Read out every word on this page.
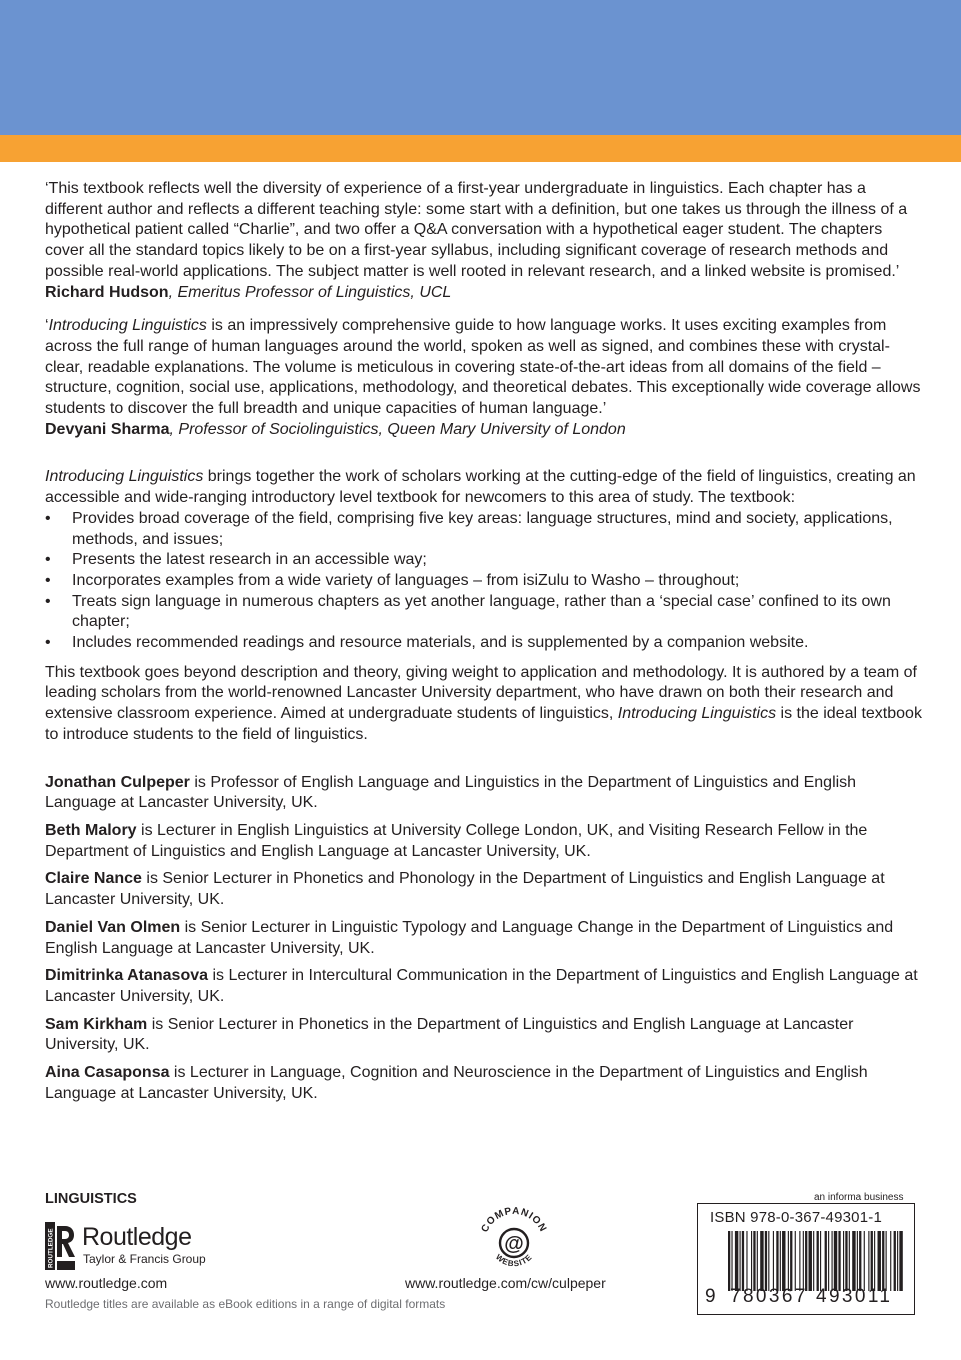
‘This textbook reflects well the diversity of experience of a first-year undergraduate in linguistics. Each chapter has a different author and reflects a different teaching style: some start with a definition, but one takes us through the illness of a hypothetical patient called “Charlie”, and two offer a Q&A conversation with a hypothetical eager student. The chapters cover all the standard topics likely to be on a first-year syllabus, including significant coverage of research methods and possible real-world applications. The subject matter is well rooted in relevant research, and a linked website is promised.’

Richard Hudson, Emeritus Professor of Linguistics, UCL

‘Introducing Linguistics is an impressively comprehensive guide to how language works. It uses exciting examples from across the full range of human languages around the world, spoken as well as signed, and combines these with crystal-clear, readable explanations. The volume is meticulous in covering state-of-the-art ideas from all domains of the field – structure, cognition, social use, applications, methodology, and theoretical debates. This exceptionally wide coverage allows students to discover the full breadth and unique capacities of human language.’

Devyani Sharma, Professor of Sociolinguistics, Queen Mary University of London

Introducing Linguistics brings together the work of scholars working at the cutting-edge of the field of linguistics, creating an accessible and wide-ranging introductory level textbook for newcomers to this area of study. The textbook:

• Provides broad coverage of the field, comprising five key areas: language structures, mind and society, applications, methods, and issues;
• Presents the latest research in an accessible way;
• Incorporates examples from a wide variety of languages – from isiZulu to Washo – throughout;
• Treats sign language in numerous chapters as yet another language, rather than a ‘special case’ confined to its own chapter;
• Includes recommended readings and resource materials, and is supplemented by a companion website.

This textbook goes beyond description and theory, giving weight to application and methodology. It is authored by a team of leading scholars from the world-renowned Lancaster University department, who have drawn on both their research and extensive classroom experience. Aimed at undergraduate students of linguistics, Introducing Linguistics is the ideal textbook to introduce students to the field of linguistics.

Jonathan Culpeper is Professor of English Language and Linguistics in the Department of Linguistics and English Language at Lancaster University, UK.

Beth Malory is Lecturer in English Linguistics at University College London, UK, and Visiting Research Fellow in the Department of Linguistics and English Language at Lancaster University, UK.

Claire Nance is Senior Lecturer in Phonetics and Phonology in the Department of Linguistics and English Language at Lancaster University, UK.

Daniel Van Olmen is Senior Lecturer in Linguistic Typology and Language Change in the Department of Linguistics and English Language at Lancaster University, UK.

Dimitrinka Atanasova is Lecturer in Intercultural Communication in the Department of Linguistics and English Language at Lancaster University, UK.

Sam Kirkham is Senior Lecturer in Phonetics in the Department of Linguistics and English Language at Lancaster University, UK.

Aina Casaponsa is Lecturer in Language, Cognition and Neuroscience in the Department of Linguistics and English Language at Lancaster University, UK.

LINGUISTICS
ROUTLEDGE Routledge
Taylor & Francis Group
www.routledge.com
Routledge titles are available as eBook editions in a range of digital formats
COMPANION
@
WEBSITE
www.routledge.com/cw/culpeper
an informa business
ISBN 978-0-367-49301-1
9 780367 493011
